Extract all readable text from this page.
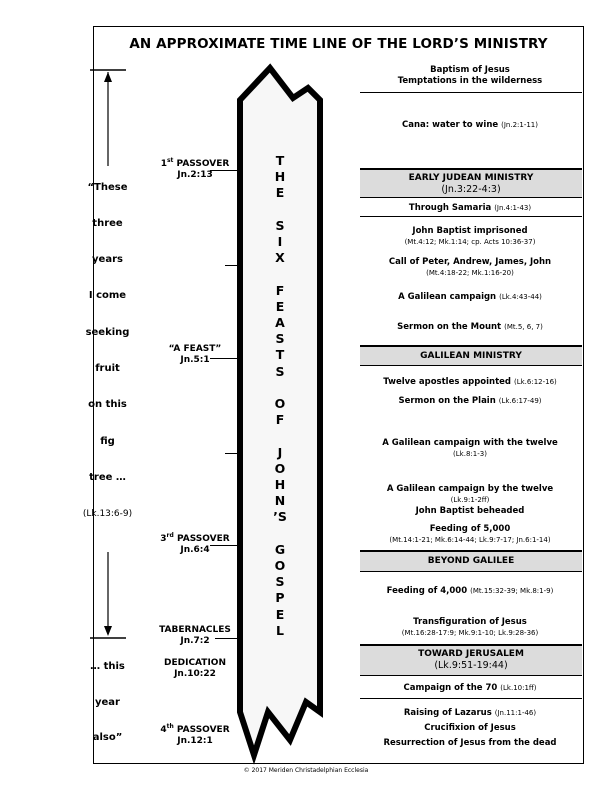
AN APPROXIMATE TIME LINE OF THE LORD’S MINISTRY
T
H
E
S
I
X
F
E
A
S
T
S
O
F
J
O
H
N
’S
G
O
S
P
E
L
“These
three
years
I come
seeking
fruit
on this
fig
tree …
(Lk.13:6-9)
… this
year
also”
1st PASSOVER
Jn.2:13
“A FEAST”
Jn.5:1
3rd PASSOVER
Jn.6:4
TABERNACLES
Jn.7:2
DEDICATION
Jn.10:22
4th PASSOVER
Jn.12:1
Baptism of Jesus
Temptations in the wilderness
Cana: water to wine (Jn.2:1-11)
EARLY JUDEAN MINISTRY
(Jn.3:22-4:3)
Through Samaria (Jn.4:1-43)
John Baptist imprisoned
(Mt.4:12; Mk.1:14; cp. Acts 10:36-37)
Call of Peter, Andrew, James, John
(Mt.4:18-22; Mk.1:16-20)
A Galilean campaign (Lk.4:43-44)
Sermon on the Mount (Mt.5, 6, 7)
GALILEAN MINISTRY
Twelve apostles appointed (Lk.6:12-16)
Sermon on the Plain (Lk.6:17-49)
A Galilean campaign with the twelve
(Lk.8:1-3)
A Galilean campaign by the twelve
(Lk.9:1-2ff)
John Baptist beheaded
Feeding of 5,000
(Mt.14:1-21; Mk.6:14-44; Lk.9:7-17; Jn.6:1-14)
BEYOND GALILEE
Feeding of 4,000 (Mt.15:32-39; Mk.8:1-9)
Transfiguration of Jesus
(Mt.16:28-17:9; Mk.9:1-10; Lk.9:28-36)
TOWARD JERUSALEM
(Lk.9:51-19:44)
Campaign of the 70 (Lk.10:1ff)
Raising of Lazarus (Jn.11:1-46)
Crucifixion of Jesus
Resurrection of Jesus from the dead
© 2017 Meriden Christadelphian Ecclesia
